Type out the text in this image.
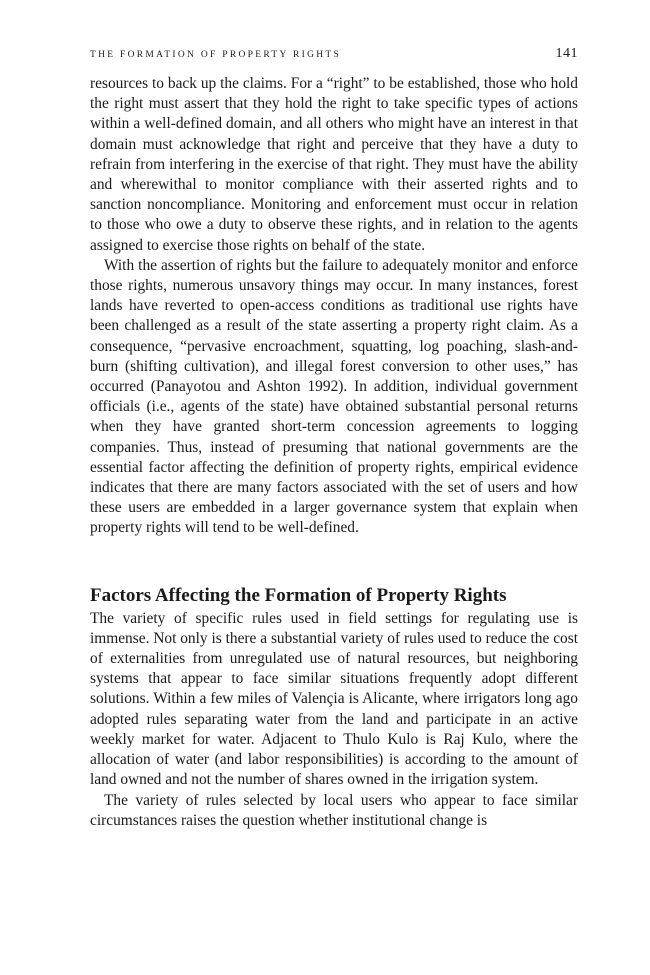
THE FORMATION OF PROPERTY RIGHTS	141

resources to back up the claims. For a “right” to be established, those who hold the right must assert that they hold the right to take specific types of actions within a well-defined domain, and all others who might have an interest in that domain must acknowledge that right and perceive that they have a duty to refrain from interfering in the exercise of that right. They must have the ability and wherewithal to monitor compliance with their asserted rights and to sanction noncompliance. Monitoring and enforcement must occur in relation to those who owe a duty to observe these rights, and in relation to the agents assigned to exercise those rights on behalf of the state.

With the assertion of rights but the failure to adequately monitor and enforce those rights, numerous unsavory things may occur. In many instances, forest lands have reverted to open-access conditions as traditional use rights have been challenged as a result of the state asserting a property right claim. As a consequence, “pervasive encroachment, squatting, log poaching, slash-and-burn (shifting cultivation), and illegal forest conversion to other uses,” has occurred (Panayotou and Ashton 1992). In addition, individual government officials (i.e., agents of the state) have obtained substantial personal returns when they have granted short-term concession agreements to logging companies. Thus, instead of presuming that national governments are the essential factor affecting the definition of property rights, empirical evidence indicates that there are many factors associated with the set of users and how these users are embedded in a larger governance system that explain when property rights will tend to be well-defined.

Factors Affecting the Formation of Property Rights

The variety of specific rules used in field settings for regulating use is immense. Not only is there a substantial variety of rules used to reduce the cost of externalities from unregulated use of natural resources, but neighboring systems that appear to face similar situations frequently adopt different solutions. Within a few miles of Valençia is Alicante, where irrigators long ago adopted rules separating water from the land and participate in an active weekly market for water. Adjacent to Thulo Kulo is Raj Kulo, where the allocation of water (and labor responsibilities) is according to the amount of land owned and not the number of shares owned in the irrigation system.

The variety of rules selected by local users who appear to face similar circumstances raises the question whether institutional change is
